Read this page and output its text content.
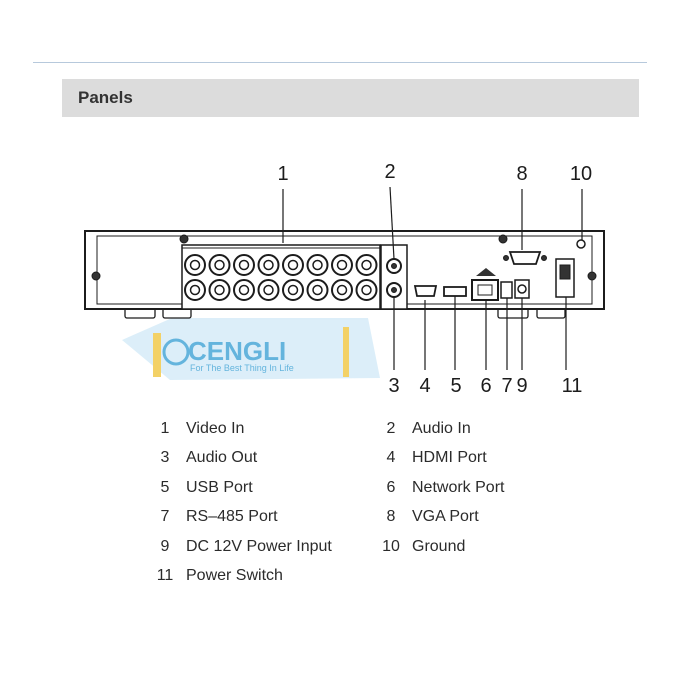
Panels
CENGLI
For The Best Thing In Life
1	2	8 10
3 4 5 6 7 9 11
1	Video In	2	Audio In
3	Audio Out	4	HDMI Port
5	USB Port	6	Network Port
7	RS–485 Port	8	VGA Port
9	DC 12V Power Input	10 Ground
11 Power Switch
